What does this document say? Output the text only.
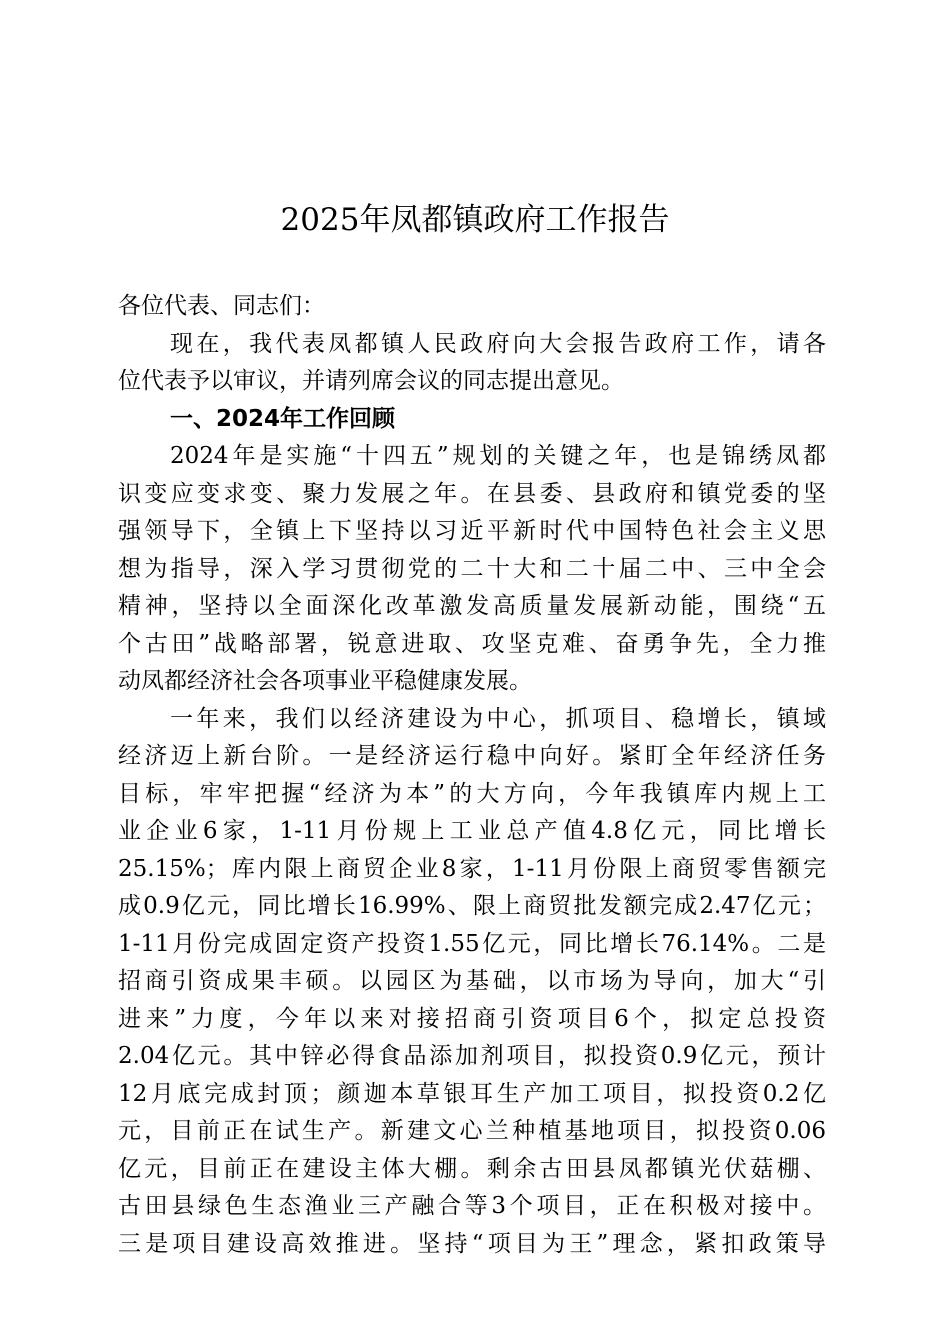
2025年凤都镇政府工作报告
各位代表、同志们：
现在，我代表凤都镇人民政府向大会报告政府工作，请各
位代表予以审议，并请列席会议的同志提出意见。
一、2024年工作回顾
2024年是实施“十四五”规划的关键之年，也是锦绣凤都
识变应变求变、聚力发展之年。在县委、县政府和镇党委的坚
强领导下，全镇上下坚持以习近平新时代中国特色社会主义思
想为指导，深入学习贯彻党的二十大和二十届二中、三中全会
精神，坚持以全面深化改革激发高质量发展新动能，围绕“五
个古田”战略部署，锐意进取、攻坚克难、奋勇争先，全力推
动凤都经济社会各项事业平稳健康发展。
一年来，我们以经济建设为中心，抓项目、稳增长，镇域
经济迈上新台阶。一是经济运行稳中向好。紧盯全年经济任务
目标，牢牢把握“经济为本”的大方向，今年我镇库内规上工
业企业6家，1-11月份规上工业总产值4.8亿元，同比增长
25.15%；库内限上商贸企业8家，1-11月份限上商贸零售额完
成0.9亿元，同比增长16.99%、限上商贸批发额完成2.47亿元；
1-11月份完成固定资产投资1.55亿元，同比增长76.14%。二是
招商引资成果丰硕。以园区为基础，以市场为导向，加大“引
进来”力度，今年以来对接招商引资项目6个，拟定总投资
2.04亿元。其中锌必得食品添加剂项目，拟投资0.9亿元，预计
12月底完成封顶；颜迦本草银耳生产加工项目，拟投资0.2亿
元，目前正在试生产。新建文心兰种植基地项目，拟投资0.06
亿元，目前正在建设主体大棚。剩余古田县凤都镇光伏菇棚、
古田县绿色生态渔业三产融合等3个项目，正在积极对接中。
三是项目建设高效推进。坚持“项目为王”理念，紧扣政策导
